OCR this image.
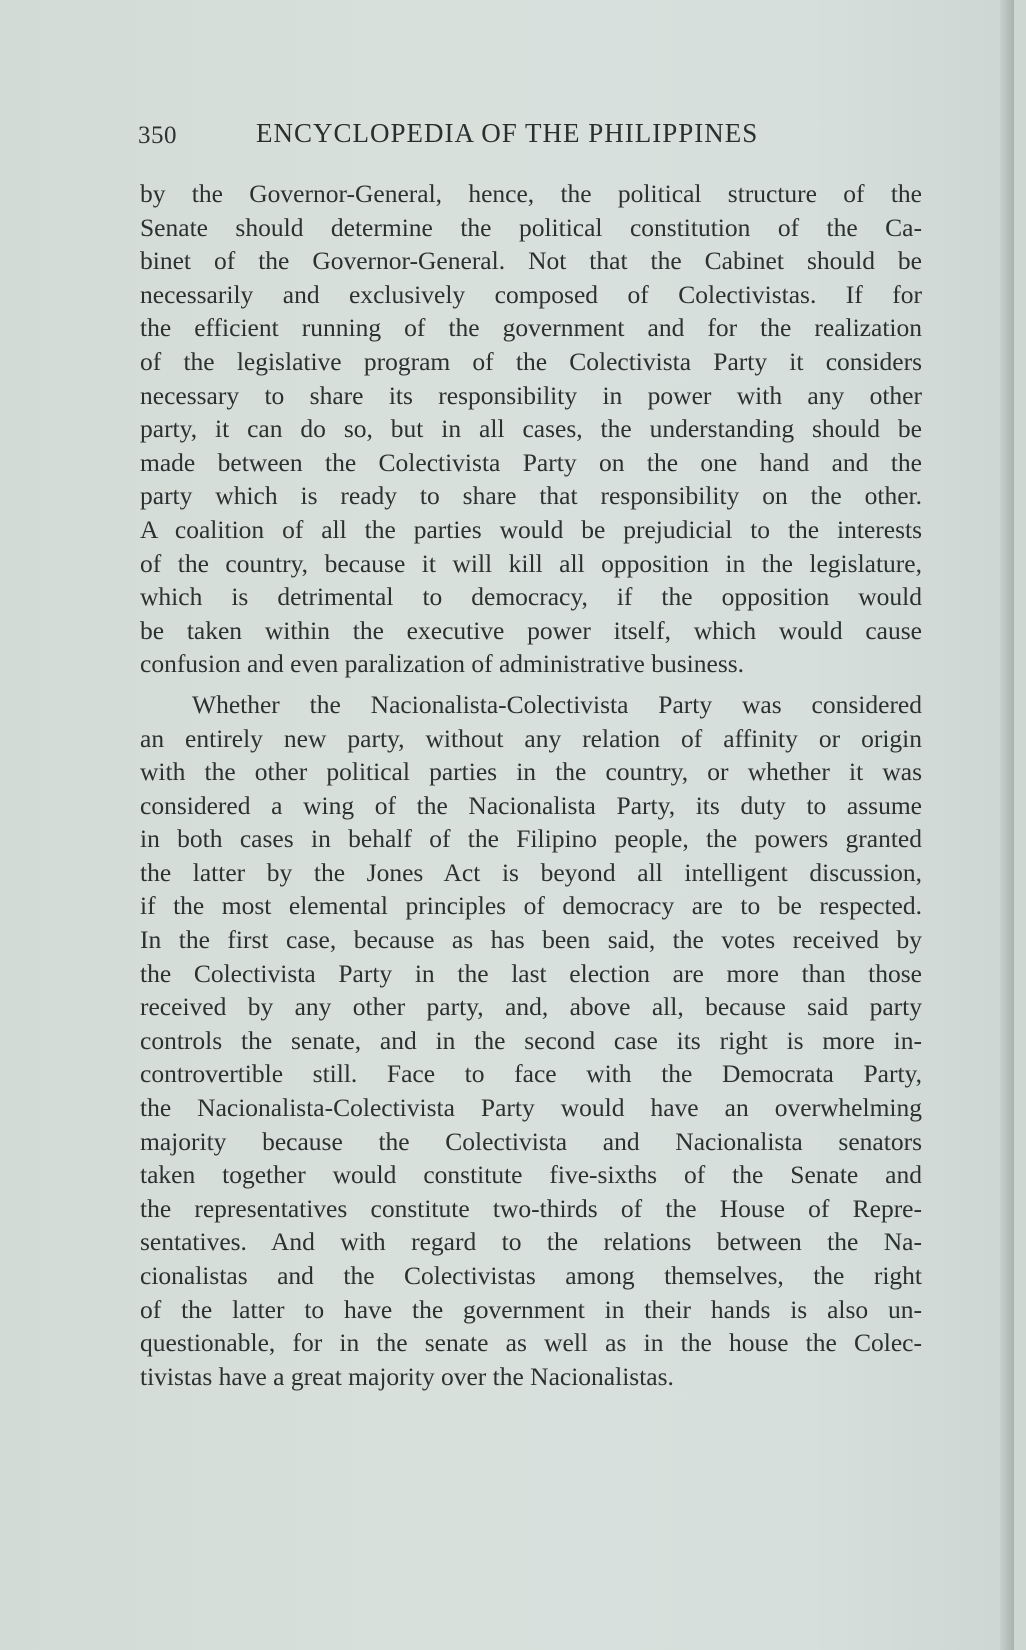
350	ENCYCLOPEDIA OF THE PHILIPPINES
by the Governor-General, hence, the political structure of the
Senate should determine the political constitution of the Ca-
binet of the Governor-General. Not that the Cabinet should be
necessarily and exclusively composed of Colectivistas. If for
the efficient running of the government and for the realization
of the legislative program of the Colectivista Party it considers
necessary to share its responsibility in power with any other
party, it can do so, but in all cases, the understanding should be
made between the Colectivista Party on the one hand and the
party which is ready to share that responsibility on the other.
A coalition of all the parties would be prejudicial to the interests
of the country, because it will kill all opposition in the legislature,
which is detrimental to democracy, if the opposition would
be taken within the executive power itself, which would cause
confusion and even paralization of administrative business.
Whether the Nacionalista-Colectivista Party was considered
an entirely new party, without any relation of affinity or origin
with the other political parties in the country, or whether it was
considered a wing of the Nacionalista Party, its duty to assume
in both cases in behalf of the Filipino people, the powers granted
the latter by the Jones Act is beyond all intelligent discussion,
if the most elemental principles of democracy are to be respected.
In the first case, because as has been said, the votes received by
the Colectivista Party in the last election are more than those
received by any other party, and, above all, because said party
controls the senate, and in the second case its right is more in-
controvertible still. Face to face with the Democrata Party,
the Nacionalista-Colectivista Party would have an overwhelming
majority because the Colectivista and Nacionalista senators
taken together would constitute five-sixths of the Senate and
the representatives constitute two-thirds of the House of Repre-
sentatives. And with regard to the relations between the Na-
cionalistas and the Colectivistas among themselves, the right
of the latter to have the government in their hands is also un-
questionable, for in the senate as well as in the house the Colec-
tivistas have a great majority over the Nacionalistas.
